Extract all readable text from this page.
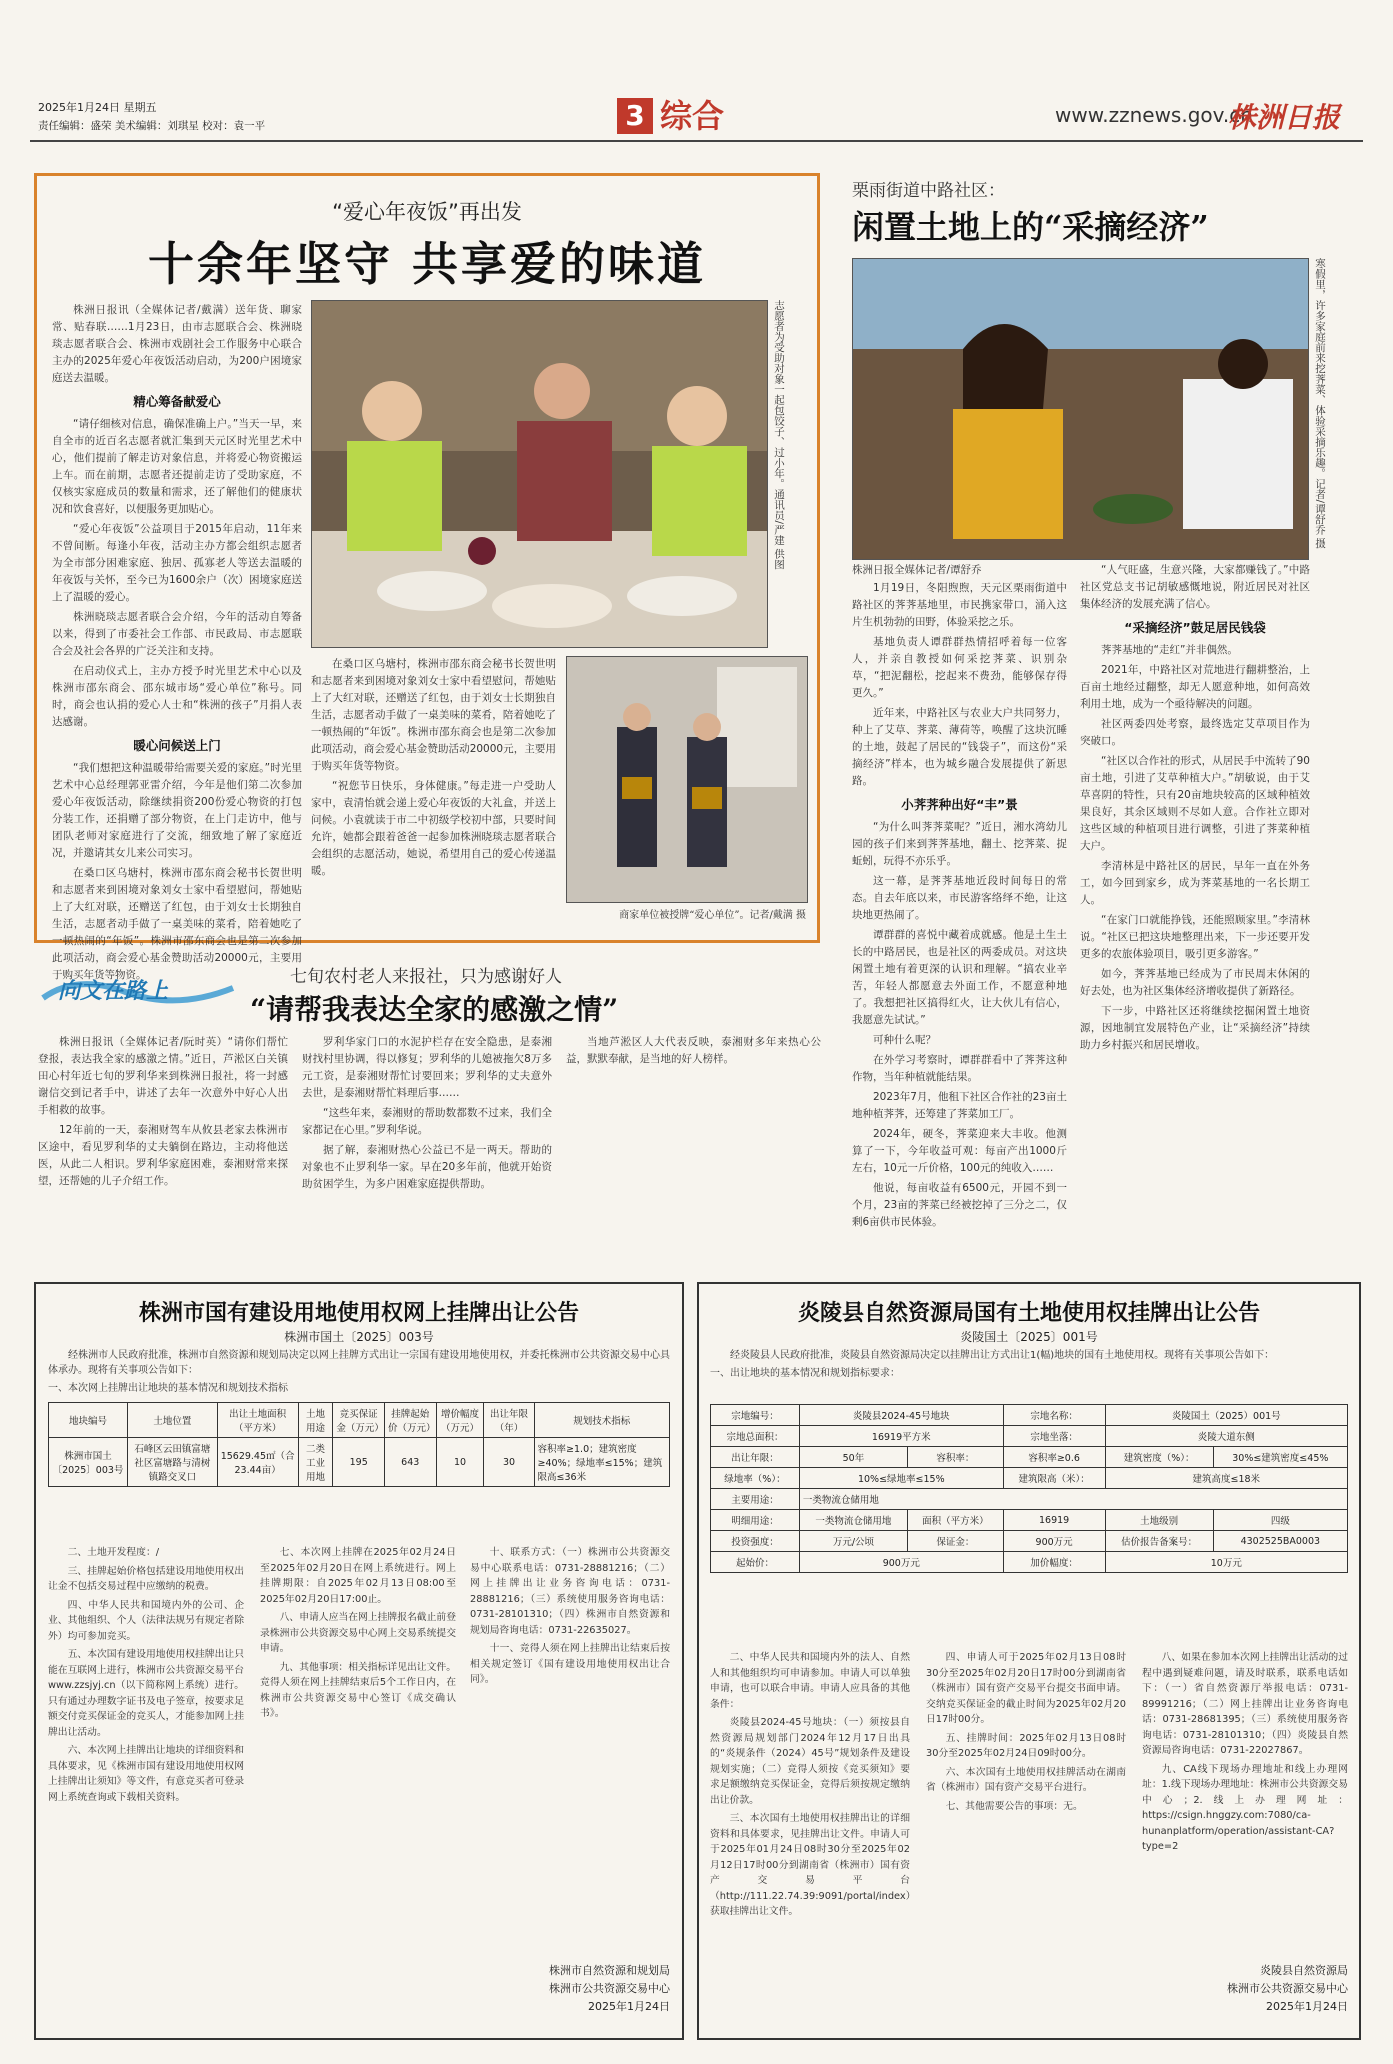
2025年1月24日 星期五
责任编辑：盛荣 美术编辑：刘琪星 校对：袁一平	3 综合	www.zznews.gov.cn
株洲日报
“爱心年夜饭”再出发
十余年坚守 共享爱的味道

株洲日报讯（全媒体记者/戴满）送年货、聊家常、贴春联……1月23日，由市志愿联合会、株洲晓琰志愿者联合会、株洲市戏剧社会工作服务中心联合主办的2025年爱心年夜饭活动启动，为200户困境家庭送去温暖。

精心筹备献爱心

“请仔细核对信息，确保准确上户。”当天一早，来自全市的近百名志愿者就汇集到天元区时光里艺术中心，他们提前了解走访对象信息，并将爱心物资搬运上车。而在前期，志愿者还提前走访了受助家庭，不仅核实家庭成员的数量和需求，还了解他们的健康状况和饮食喜好，以便服务更加贴心。

“爱心年夜饭”公益项目于2015年启动，11年来不曾间断。每逢小年夜，活动主办方都会组织志愿者为全市部分困难家庭、独居、孤寡老人等送去温暖的年夜饭与关怀，至今已为1600余户（次）困境家庭送上了温暖的爱心。

株洲晓琰志愿者联合会介绍，今年的活动自筹备以来，得到了市委社会工作部、市民政局、市志愿联合会及社会各界的广泛关注和支持。

在启动仪式上，主办方授予时光里艺术中心以及株洲市邵东商会、邵东城市场“爱心单位”称号。同时，商会也认捐的爱心人士和“株洲的孩子”月捐人表达感谢。

暖心问候送上门

“我们想把这种温暖带给需要关爱的家庭。”时光里艺术中心总经理郭亚雷介绍，今年是他们第二次参加爱心年夜饭活动，除继续捐资200份爱心物资的打包分装工作，还捐赠了部分物资，在上门走访中，他与团队老师对家庭进行了交流，细致地了解了家庭近况，并邀请其女儿来公司实习。

在桑口区乌塘村，株洲市邵东商会秘书长贺世明和志愿者来到困境对象刘女士家中看望慰问，帮她贴上了大红对联，还赠送了红包，由于刘女士长期独自生活，志愿者动手做了一桌美味的菜肴，陪着她吃了一顿热闹的“年饭”。株洲市邵东商会也是第二次参加此项活动，商会爱心基金赞助活动20000元，主要用于购买年货等物资。

志愿者为受助对象一起包饺子、过小年。通讯员/严建 供图

在桑口区乌塘村，株洲市邵东商会秘书长贺世明和志愿者来到困境对象刘女士家中看望慰问，帮她贴上了大红对联，还赠送了红包，由于刘女士长期独自生活，志愿者动手做了一桌美味的菜肴，陪着她吃了一顿热闹的“年饭”。株洲市邵东商会也是第二次参加此项活动，商会爱心基金赞助活动20000元，主要用于购买年货等物资。

“祝您节日快乐，身体健康。”每走进一户受助人家中，袁清怡就会递上爱心年夜饭的大礼盒，并送上问候。小袁就读于市二中初级学校初中部，只要时间允许，她都会跟着爸爸一起参加株洲晓琰志愿者联合会组织的志愿活动，她说，希望用自己的爱心传递温暖。

商家单位被授牌“爱心单位”。记者/戴满 摄
栗雨街道中路社区：
闲置土地上的“采摘经济”
寒假里，许多家庭前来挖荠菜、体验采摘乐趣。记者/谭舒乔 摄
株洲日报全媒体记者/谭舒乔

1月19日，冬阳煦煦，天元区栗雨街道中路社区的荠荠基地里，市民携家带口，涌入这片生机勃勃的田野，体验采挖之乐。

基地负责人谭群群热情招呼着每一位客人，并亲自教授如何采挖荠菜、识别杂草，“把泥翻松，挖起来不费劲，能够保存得更久。”

近年来，中路社区与农业大户共同努力，种上了艾草、荠菜、薄荷等，唤醒了这块沉睡的土地，鼓起了居民的“钱袋子”，而这份“采摘经济”样本，也为城乡融合发展提供了新思路。

小荠荠种出好“丰”景

“为什么叫荠荠菜呢？”近日，湘水湾幼儿园的孩子们来到荠荠基地，翻土、挖荠菜、捉蚯蚓，玩得不亦乐乎。

这一幕，是荠荠基地近段时间每日的常态。自去年底以来，市民游客络绎不绝，让这块地更热闹了。

谭群群的喜悦中藏着成就感。他是土生土长的中路居民，也是社区的两委成员。对这块闲置土地有着更深的认识和理解。“搞农业辛苦，年轻人都愿意去外面工作，不愿意种地了。我想把社区搞得红火，让大伙儿有信心，我愿意先试试。”

可种什么呢？

在外学习考察时，谭群群看中了荠荠这种作物，当年种植就能结果。

2023年7月，他租下社区合作社的23亩土地种植荠荠，还筹建了荠菜加工厂。

2024年，硬冬，荠菜迎来大丰收。他测算了一下，今年收益可观：每亩产出1000斤左右，10元一斤价格，100元的纯收入……

他说，每亩收益有6500元，开园不到一个月，23亩的荠菜已经被挖掉了三分之二，仅剩6亩供市民体验。

“人气旺盛，生意兴隆，大家都赚钱了。”中路社区党总支书记胡敏感慨地说，附近居民对社区集体经济的发展充满了信心。

“采摘经济”鼓足居民钱袋

荠荠基地的“走红”并非偶然。

2021年，中路社区对荒地进行翻耕整治，上百亩土地经过翻整，却无人愿意种地，如何高效利用土地，成为一个亟待解决的问题。

社区两委四处考察，最终选定艾草项目作为突破口。

“社区以合作社的形式，从居民手中流转了90亩土地，引进了艾草种植大户。”胡敏说，由于艾草喜阴的特性，只有20亩地块较高的区域种植效果良好，其余区域则不尽如人意。合作社立即对这些区域的种植项目进行调整，引进了荠菜种植大户。

李清林是中路社区的居民，早年一直在外务工，如今回到家乡，成为荠菜基地的一名长期工人。

“在家门口就能挣钱，还能照顾家里。”李清林说。“社区已把这块地整理出来，下一步还要开发更多的农旅体验项目，吸引更多游客。”

如今，荠荠基地已经成为了市民周末休闲的好去处，也为社区集体经济增收提供了新路径。

下一步，中路社区还将继续挖掘闲置土地资源，因地制宜发展特色产业，让“采摘经济”持续助力乡村振兴和居民增收。

向文在路上
七旬农村老人来报社，只为感谢好人
“请帮我表达全家的感激之情”

株洲日报讯（全媒体记者/阮时英）“请你们帮忙登报，表达我全家的感激之情。”近日，芦淞区白关镇田心村年近七旬的罗利华来到株洲日报社，将一封感谢信交到记者手中，讲述了去年一次意外中好心人出手相救的故事。

12年前的一天，泰湘财驾车从攸县老家去株洲市区途中，看见罗利华的丈夫躺倒在路边，主动将他送医，从此二人相识。罗利华家庭困难，泰湘财常来探望，还帮她的儿子介绍工作。

罗利华家门口的水泥护栏存在安全隐患，是泰湘财找村里协调，得以修复；罗利华的儿媳被拖欠8万多元工资，是泰湘财帮忙讨要回来；罗利华的丈夫意外去世，是泰湘财帮忙料理后事……

“这些年来，泰湘财的帮助数都数不过来，我们全家都记在心里。”罗利华说。

据了解，泰湘财热心公益已不是一两天。帮助的对象也不止罗利华一家。早在20多年前，他就开始资助贫困学生，为多户困难家庭提供帮助。

当地芦淞区人大代表反映，泰湘财多年来热心公益，默默奉献，是当地的好人榜样。

株洲市国有建设用地使用权网上挂牌出让公告
株洲市国土〔2025〕003号

经株洲市人民政府批准，株洲市自然资源和规划局决定以网上挂牌方式出让一宗国有建设用地使用权，并委托株洲市公共资源交易中心具体承办。现将有关事项公告如下：

一、本次网上挂牌出让地块的基本情况和规划技术指标

地块编号	土地位置	出让土地面积（平方米）	土地用途	竞买保证金（万元）	挂牌起始价（万元）	增价幅度（万元）	出让年限（年）	规划技术指标
株洲市国土〔2025〕003号	石峰区云田镇富塘社区富塘路与清树镇路交叉口	15629.45㎡（合23.44亩）	二类工业用地	195	643	10	30	容积率≥1.0；建筑密度≥40%；绿地率≤15%；建筑限高≤36米

二、土地开发程度：/

三、挂牌起始价格包括建设用地使用权出让金不包括交易过程中应缴纳的税费。

四、中华人民共和国境内外的公司、企业、其他组织、个人（法律法规另有规定者除外）均可参加竞买。

五、本次国有建设用地使用权挂牌出让只能在互联网上进行，株洲市公共资源交易平台www.zzsjyj.cn（以下简称网上系统）进行。只有通过办理数字证书及电子签章，按要求足额交付竞买保证金的竞买人，才能参加网上挂牌出让活动。

六、本次网上挂牌出让地块的详细资料和具体要求，见《株洲市国有建设用地使用权网上挂牌出让须知》等文件，有意竞买者可登录网上系统查询或下载相关资料。

七、本次网上挂牌在2025年02月24日至2025年02月20日在网上系统进行。网上挂牌期限：自2025年02月13日08:00至2025年02月20日17:00止。

八、申请人应当在网上挂牌报名截止前登录株洲市公共资源交易中心网上交易系统提交申请。

九、其他事项：相关指标详见出让文件。竞得人须在网上挂牌结束后5个工作日内，在株洲市公共资源交易中心签订《成交确认书》。

十、联系方式：（一）株洲市公共资源交易中心联系电话：0731-28881216；（二）网上挂牌出让业务咨询电话：0731-28881216；（三）系统使用服务咨询电话：0731-28101310；（四）株洲市自然资源和规划局咨询电话：0731-22635027。

十一、竞得人须在网上挂牌出让结束后按相关规定签订《国有建设用地使用权出让合同》。

株洲市自然资源和规划局
株洲市公共资源交易中心
2025年1月24日
炎陵县自然资源局国有土地使用权挂牌出让公告
炎陵国土〔2025〕001号

经炎陵县人民政府批准，炎陵县自然资源局决定以挂牌出让方式出让1(幅)地块的国有土地使用权。现将有关事项公告如下：

一、出让地块的基本情况和规划指标要求：

宗地编号：	炎陵县2024-45号地块		宗地名称：	炎陵国土（2025）001号	
宗地总面积：	16919平方米		宗地坐落：	炎陵大道东侧	
出让年限：	50年	容积率：	容积率≥0.6	建筑密度（%）：	30%≤建筑密度≤45%
绿地率（%）：	10%≤绿地率≤15%		建筑限高（米）：	建筑高度≤18米	
主要用途：	一类物流仓储用地				
明细用途：	一类物流仓储用地	面积（平方米）	16919	土地级别	四级
投资强度：	万元/公顷	保证金：	900万元	估价报告备案号：	4302525BA0003
起始价：	900万元		加价幅度：	10万元	

二、中华人民共和国境内外的法人、自然人和其他组织均可申请参加。申请人可以单独申请，也可以联合申请。申请人应具备的其他条件：

炎陵县2024-45号地块：（一）须按县自然资源局规划部门2024年12月17日出具的“炎规条件（2024）45号”规划条件及建设规划实施；（二）竞得人须按《竞买须知》要求足额缴纳竞买保证金，竞得后须按规定缴纳出让价款。

三、本次国有土地使用权挂牌出让的详细资料和具体要求，见挂牌出让文件。申请人可于2025年01月24日08时30分至2025年02月12日17时00分到湖南省（株洲市）国有资产交易平台（http://111.22.74.39:9091/portal/index）获取挂牌出让文件。

四、申请人可于2025年02月13日08时30分至2025年02月20日17时00分到湖南省（株洲市）国有资产交易平台提交书面申请。交纳竞买保证金的截止时间为2025年02月20日17时00分。

五、挂牌时间：2025年02月13日08时30分至2025年02月24日09时00分。

六、本次国有土地使用权挂牌活动在湖南省（株洲市）国有资产交易平台进行。

七、其他需要公告的事项：无。

八、如果在参加本次网上挂牌出让活动的过程中遇到疑难问题，请及时联系，联系电话如下：（一）省自然资源厅举报电话：0731-89991216；（二）网上挂牌出让业务咨询电话：0731-28681395；（三）系统使用服务咨询电话：0731-28101310；（四）炎陵县自然资源局咨询电话：0731-22027867。

九、CA线下现场办理地址和线上办理网址：1.线下现场办理地址：株洲市公共资源交易中心；2.线上办理网址：https://csign.hnggzy.com:7080/ca-hunanplatform/operation/assistant-CA?type=2

炎陵县自然资源局
株洲市公共资源交易中心
2025年1月24日
